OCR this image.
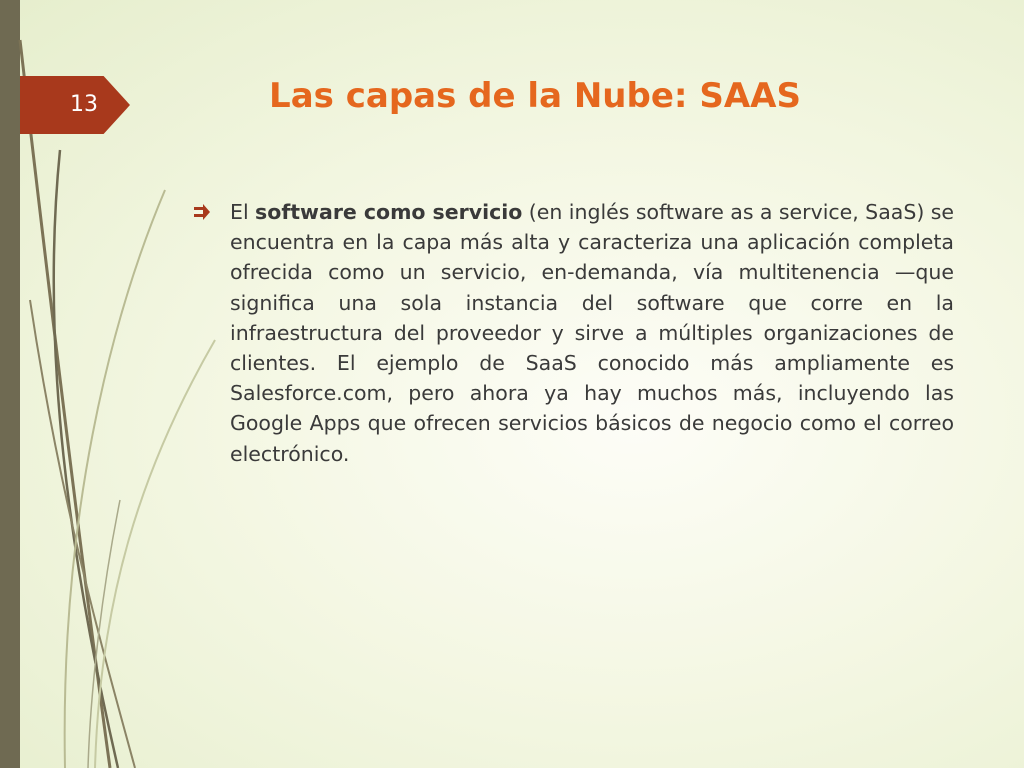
13	Las capas de la Nube: SAAS
El software como servicio (en inglés software as a service, SaaS) se encuentra en la capa más alta y caracteriza una aplicación completa ofrecida como un servicio, en-demanda, vía multitenencia —que significa una sola instancia del software que corre en la infraestructura del proveedor y sirve a múltiples organizaciones de clientes. El ejemplo de SaaS conocido más ampliamente es Salesforce.com, pero ahora ya hay muchos más, incluyendo las Google Apps que ofrecen servicios básicos de negocio como el correo electrónico.
